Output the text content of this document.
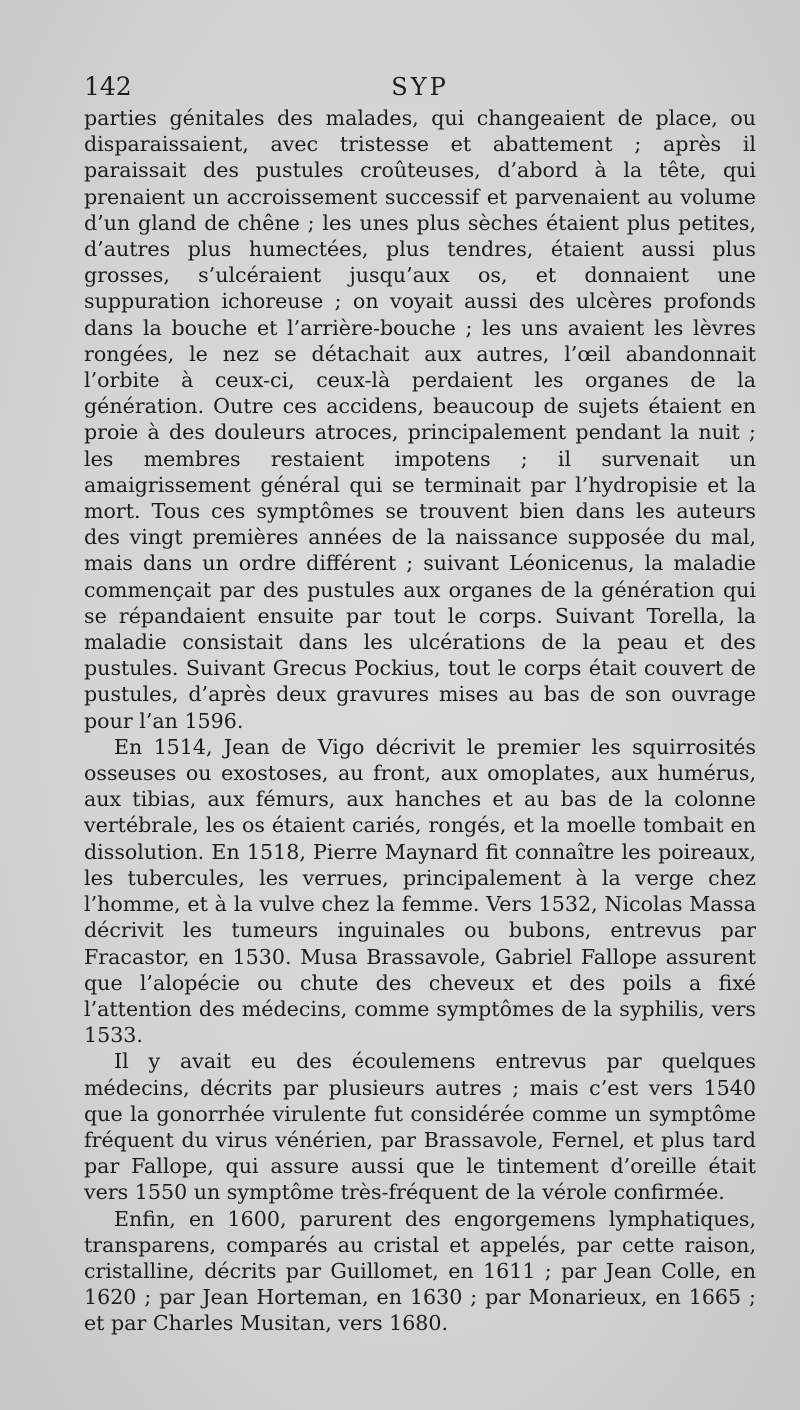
142	SYP

parties génitales des malades, qui changeaient de place, ou disparaissaient, avec tristesse et abattement ; après il paraissait des pustules croûteuses, d’abord à la tête, qui prenaient un accroissement successif et parvenaient au volume d’un gland de chêne ; les unes plus sèches étaient plus petites, d’autres plus humectées, plus tendres, étaient aussi plus grosses, s’ulcéraient jusqu’aux os, et donnaient une suppuration ichoreuse ; on voyait aussi des ulcères profonds dans la bouche et l’arrière-bouche ; les uns avaient les lèvres rongées, le nez se détachait aux autres, l’œil abandonnait l’orbite à ceux-ci, ceux-là perdaient les organes de la génération. Outre ces accidens, beaucoup de sujets étaient en proie à des douleurs atroces, principalement pendant la nuit ; les membres restaient impotens ; il survenait un amaigrissement général qui se terminait par l’hydropisie et la mort. Tous ces symptômes se trouvent bien dans les auteurs des vingt premières années de la naissance supposée du mal, mais dans un ordre différent ; suivant Léonicenus, la maladie commençait par des pustules aux organes de la génération qui se répandaient ensuite par tout le corps. Suivant Torella, la maladie consistait dans les ulcérations de la peau et des pustules. Suivant Grecus Pockius, tout le corps était couvert de pustules, d’après deux gravures mises au bas de son ouvrage pour l’an 1596.

En 1514, Jean de Vigo décrivit le premier les squirrosités osseuses ou exostoses, au front, aux omoplates, aux humérus, aux tibias, aux fémurs, aux hanches et au bas de la colonne vertébrale, les os étaient cariés, rongés, et la moelle tombait en dissolution. En 1518, Pierre Maynard fit connaître les poireaux, les tubercules, les verrues, principalement à la verge chez l’homme, et à la vulve chez la femme. Vers 1532, Nicolas Massa décrivit les tumeurs inguinales ou bubons, entrevus par Fracastor, en 1530. Musa Brassavole, Gabriel Fallope assurent que l’alopécie ou chute des cheveux et des poils a fixé l’attention des médecins, comme symptômes de la syphilis, vers 1533.

Il y avait eu des écoulemens entrevus par quelques médecins, décrits par plusieurs autres ; mais c’est vers 1540 que la gonorrhée virulente fut considérée comme un symptôme fréquent du virus vénérien, par Brassavole, Fernel, et plus tard par Fallope, qui assure aussi que le tintement d’oreille était vers 1550 un symptôme très-fréquent de la vérole confirmée.

Enfin, en 1600, parurent des engorgemens lymphatiques, transparens, comparés au cristal et appelés, par cette raison, cristalline, décrits par Guillomet, en 1611 ; par Jean Colle, en 1620 ; par Jean Horteman, en 1630 ; par Monarieux, en 1665 ; et par Charles Musitan, vers 1680.
